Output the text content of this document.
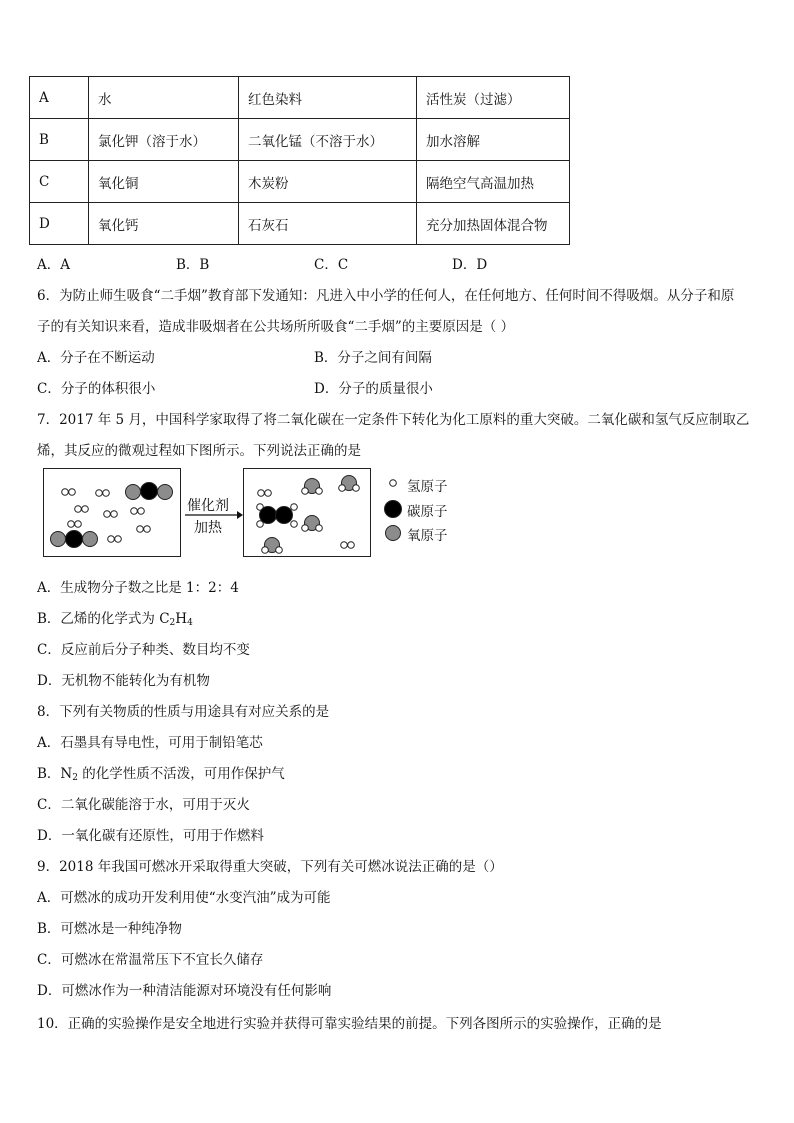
A	水	红色染料	活性炭（过滤）
B	氯化钾（溶于水）	二氧化锰（不溶于水）	加水溶解
C	氧化铜	木炭粉	隔绝空气高温加热
D	氧化钙	石灰石	充分加热固体混合物
A．A	B．B	C．C	D．D
6．为防止师生吸食“二手烟”教育部下发通知：凡进入中小学的任何人，在任何地方、任何时间不得吸烟。从分子和原
子的有关知识来看，造成非吸烟者在公共场所所吸食“二手烟”的主要原因是（ ）
A．分子在不断运动	B．分子之间有间隔
C．分子的体积很小	D．分子的质量很小
7．2017 年 5 月，中国科学家取得了将二氧化碳在一定条件下转化为化工原料的重大突破。二氧化碳和氢气反应制取乙
烯，其反应的微观过程如下图所示。下列说法正确的是
催化剂
加热
氢原子
碳原子
氧原子
A．生成物分子数之比是 1：2：4
B．乙烯的化学式为 $C_2H_4$
C．反应前后分子种类、数目均不变
D．无机物不能转化为有机物
8．下列有关物质的性质与用途具有对应关系的是
A．石墨具有导电性，可用于制铅笔芯
B．$N_2$ 的化学性质不活泼，可用作保护气
C．二氧化碳能溶于水，可用于灭火
D．一氧化碳有还原性，可用于作燃料
9．2018 年我国可燃冰开采取得重大突破，下列有关可燃冰说法正确的是（）
A．可燃冰的成功开发利用使“水变汽油”成为可能
B．可燃冰是一种纯净物
C．可燃冰在常温常压下不宜长久储存
D．可燃冰作为一种清洁能源对环境没有任何影响
10．正确的实验操作是安全地进行实验并获得可靠实验结果的前提。下列各图所示的实验操作，正确的是
